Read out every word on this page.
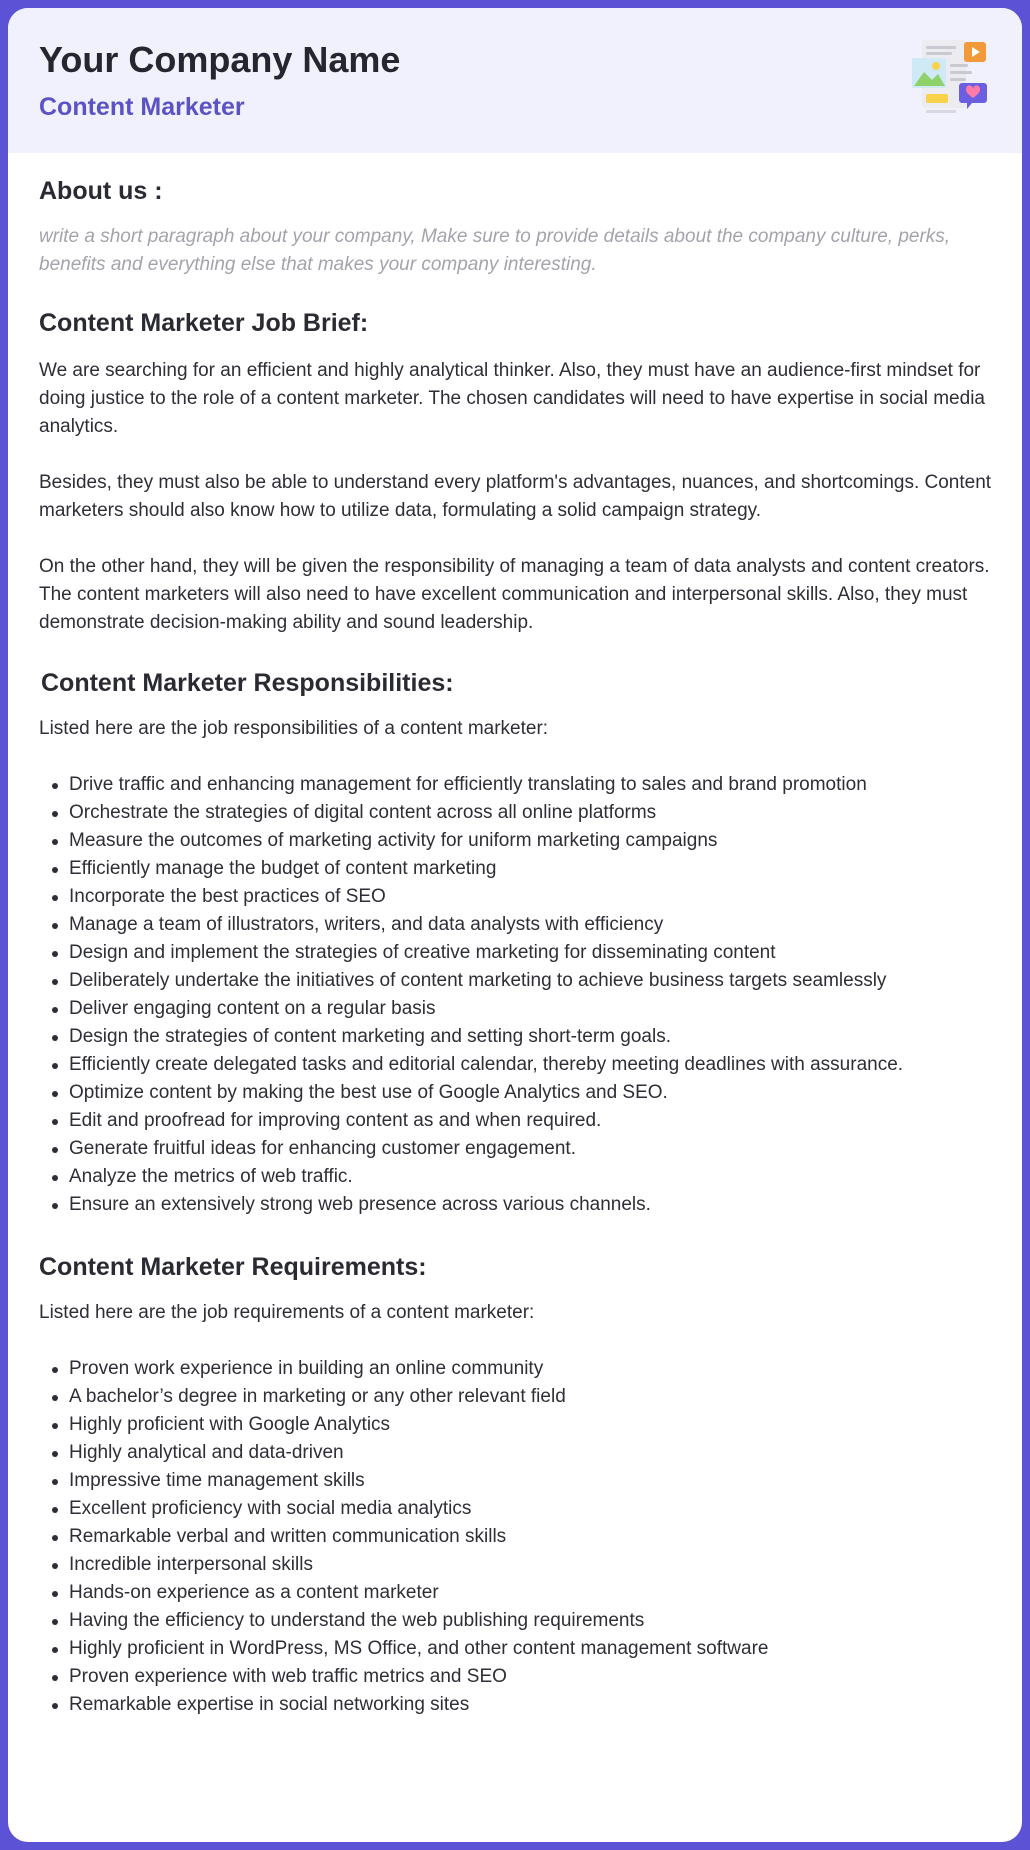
Your Company Name
Content Marketer
About us :

write a short paragraph about your company, Make sure to provide details about the company culture, perks, benefits and everything else that makes your company interesting.

Content Marketer Job Brief:

We are searching for an efficient and highly analytical thinker. Also, they must have an audience-first mindset for doing justice to the role of a content marketer. The chosen candidates will need to have expertise in social media analytics.

Besides, they must also be able to understand every platform's advantages, nuances, and shortcomings. Content marketers should also know how to utilize data, formulating a solid campaign strategy.

On the other hand, they will be given the responsibility of managing a team of data analysts and content creators. The content marketers will also need to have excellent communication and interpersonal skills. Also, they must demonstrate decision-making ability and sound leadership.

Content Marketer Responsibilities:

Listed here are the job responsibilities of a content marketer:

Drive traffic and enhancing management for efficiently translating to sales and brand promotion
Orchestrate the strategies of digital content across all online platforms
Measure the outcomes of marketing activity for uniform marketing campaigns
Efficiently manage the budget of content marketing
Incorporate the best practices of SEO
Manage a team of illustrators, writers, and data analysts with efficiency
Design and implement the strategies of creative marketing for disseminating content
Deliberately undertake the initiatives of content marketing to achieve business targets seamlessly
Deliver engaging content on a regular basis
Design the strategies of content marketing and setting short-term goals.
Efficiently create delegated tasks and editorial calendar, thereby meeting deadlines with assurance.
Optimize content by making the best use of Google Analytics and SEO.
Edit and proofread for improving content as and when required.
Generate fruitful ideas for enhancing customer engagement.
Analyze the metrics of web traffic.
Ensure an extensively strong web presence across various channels.
Content Marketer Requirements:

Listed here are the job requirements of a content marketer:

Proven work experience in building an online community
A bachelor’s degree in marketing or any other relevant field
Highly proficient with Google Analytics
Highly analytical and data-driven
Impressive time management skills
Excellent proficiency with social media analytics
Remarkable verbal and written communication skills
Incredible interpersonal skills
Hands-on experience as a content marketer
Having the efficiency to understand the web publishing requirements
Highly proficient in WordPress, MS Office, and other content management software
Proven experience with web traffic metrics and SEO
Remarkable expertise in social networking sites
